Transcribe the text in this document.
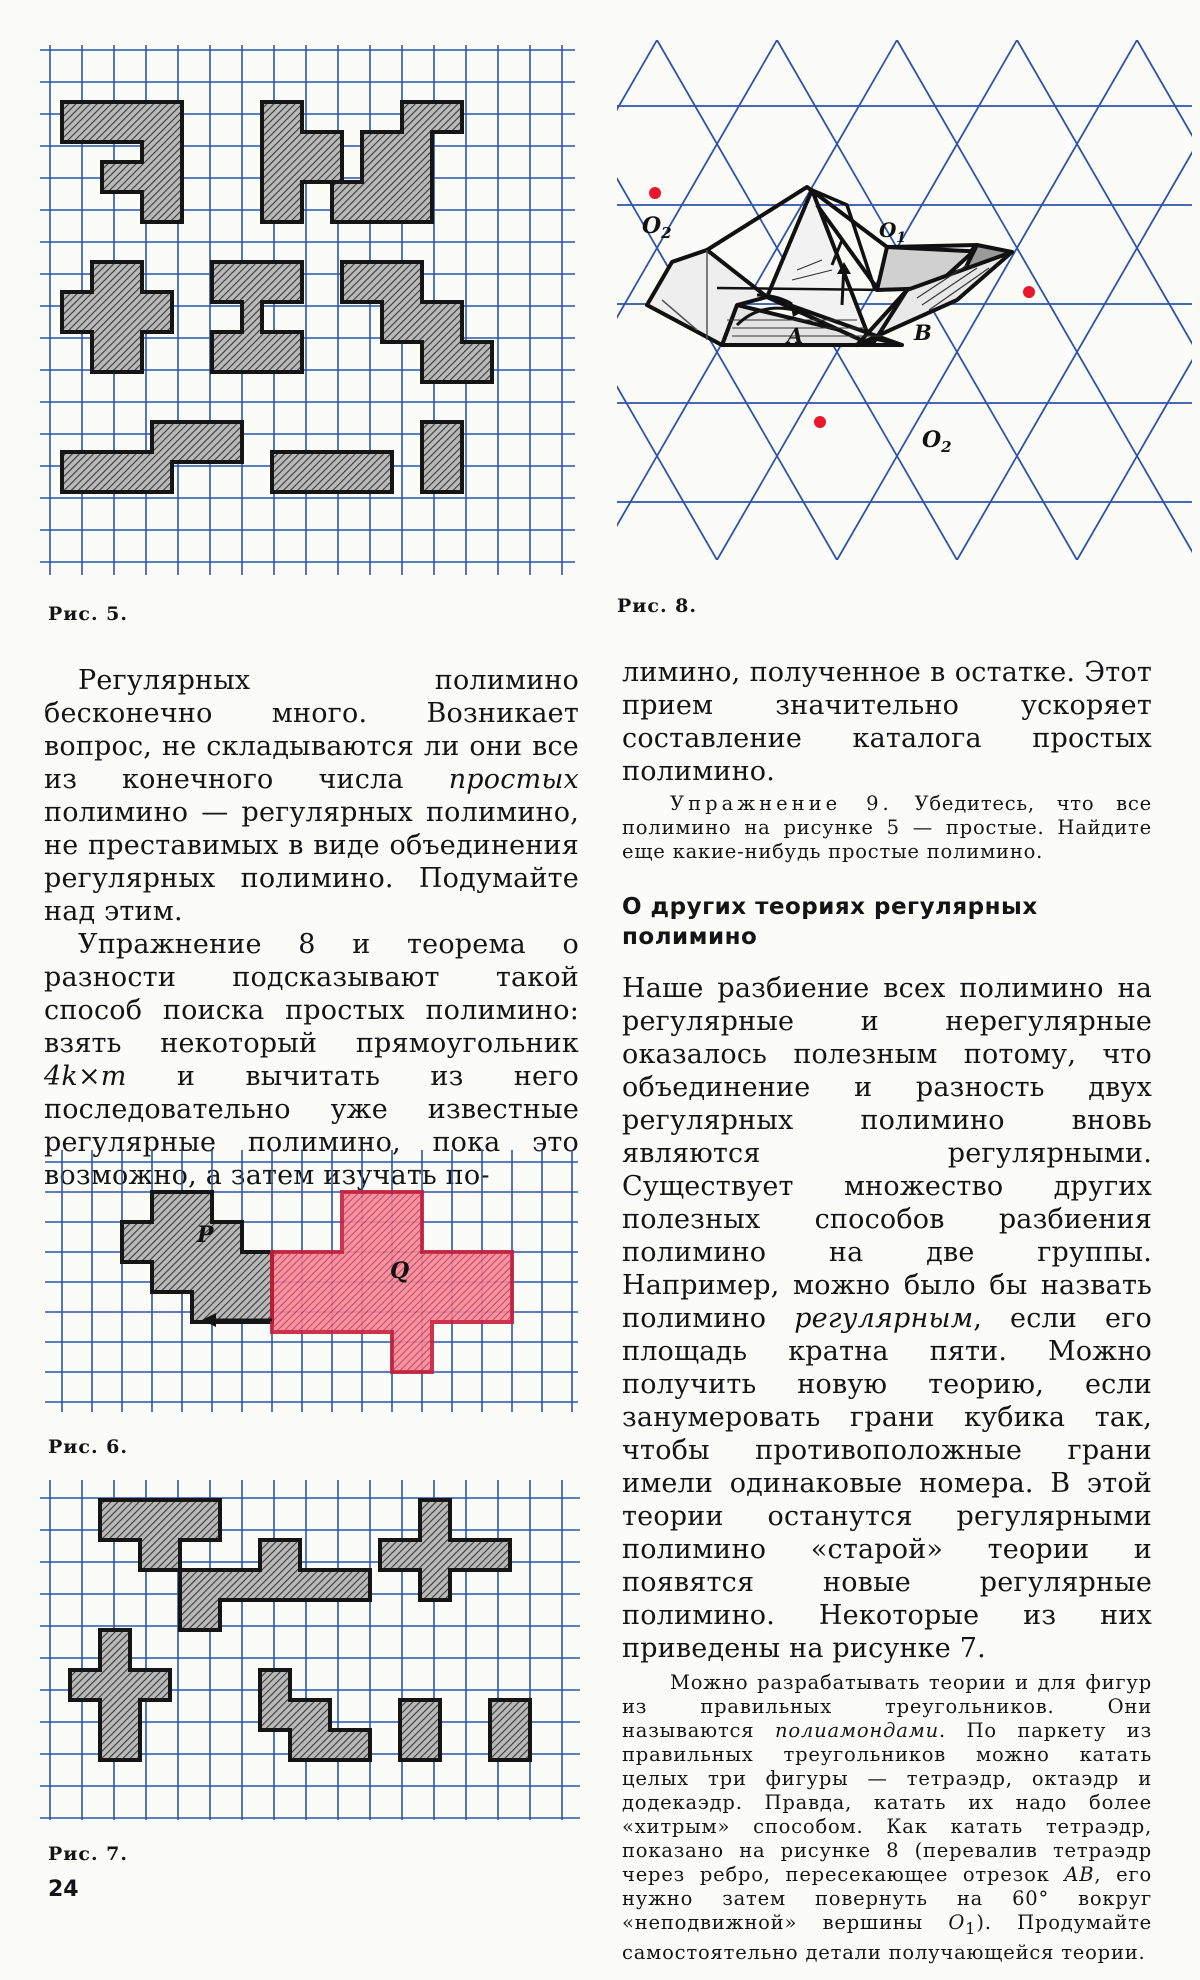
Рис. 5.
$O_2$	$O_1$
A	B
$O_2$
Рис. 8.

Регулярных полимино бесконечно много. Возникает вопрос, не складываются ли они все из конечного числа простых полимино — регулярных полимино, не преставимых в виде объединения регулярных полимино. Подумайте над этим.

Упражнение 8 и теорема о разности подсказывают такой способ поиска простых полимино: взять некоторый прямоугольник 4k×m и вычитать из него последовательно уже известные регулярные полимино, пока это возможно, а затем изучать по-

P
Q
Рис. 6.
Рис. 7.

лимино, полученное в остатке. Этот прием значительно ускоряет составление каталога простых полимино.

Упражнение 9. Убедитесь, что все полимино на рисунке 5 — простые. Найдите еще какие-нибудь простые полимино.

О других теориях регулярных полимино

Наше разбиение всех полимино на регулярные и нерегулярные оказалось полезным потому, что объединение и разность двух регулярных полимино вновь являются регулярными. Существует множество других полезных способов разбиения полимино на две группы. Например, можно было бы назвать полимино регулярным, если его площадь кратна пяти. Можно получить новую теорию, если занумеровать грани кубика так, чтобы противоположные грани имели одинаковые номера. В этой теории останутся регулярными полимино «старой» теории и появятся новые регулярные полимино. Некоторые из них приведены на рисунке 7.

Можно разрабатывать теории и для фигур из правильных треугольников. Они называются полиамондами. По паркету из правильных треугольников можно катать целых три фигуры — тетраэдр, октаэдр и додекаэдр. Правда, катать их надо более «хитрым» способом. Как катать тетраэдр, показано на рисунке 8 (перевалив тетраэдр через ребро, пересекающее отрезок AB, его нужно затем повернуть на 60° вокруг «неподвижной» вершины $O_1$). Продумайте самостоятельно детали получающейся теории.

24
